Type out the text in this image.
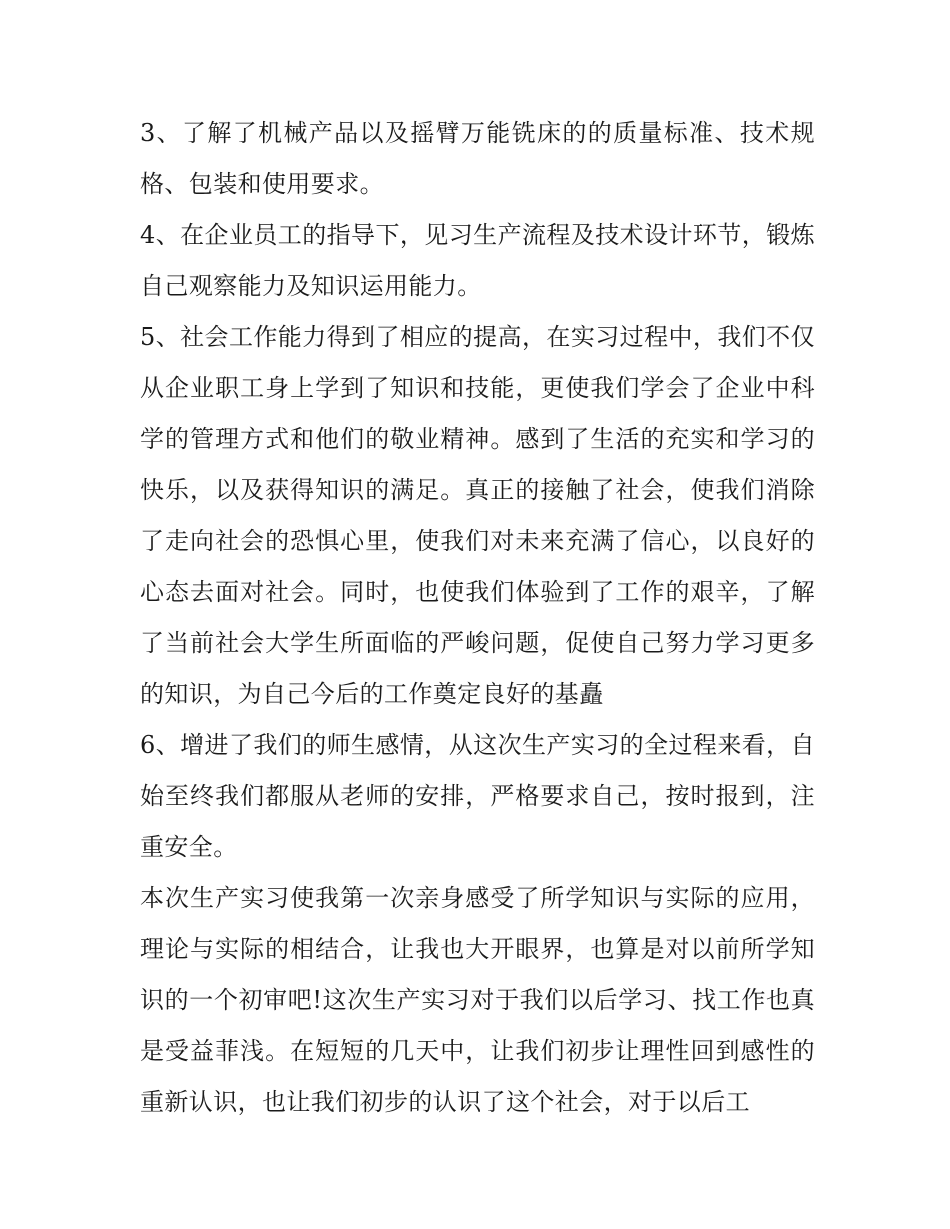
3、了解了机械产品以及摇臂万能铣床的的质量标准、技术规格、包装和使用要求。

4、在企业员工的指导下，见习生产流程及技术设计环节，锻炼自己观察能力及知识运用能力。

5、社会工作能力得到了相应的提高，在实习过程中，我们不仅从企业职工身上学到了知识和技能，更使我们学会了企业中科学的管理方式和他们的敬业精神。感到了生活的充实和学习的快乐，以及获得知识的满足。真正的接触了社会，使我们消除了走向社会的恐惧心里，使我们对未来充满了信心，以良好的心态去面对社会。同时，也使我们体验到了工作的艰辛，了解了当前社会大学生所面临的严峻问题，促使自己努力学习更多的知识，为自己今后的工作奠定良好的基矗

6、增进了我们的师生感情，从这次生产实习的全过程来看，自始至终我们都服从老师的安排，严格要求自己，按时报到，注重安全。

本次生产实习使我第一次亲身感受了所学知识与实际的应用，理论与实际的相结合，让我也大开眼界，也算是对以前所学知识的一个初审吧!这次生产实习对于我们以后学习、找工作也真是受益菲浅。在短短的几天中，让我们初步让理性回到感性的重新认识，也让我们初步的认识了这个社会，对于以后工
